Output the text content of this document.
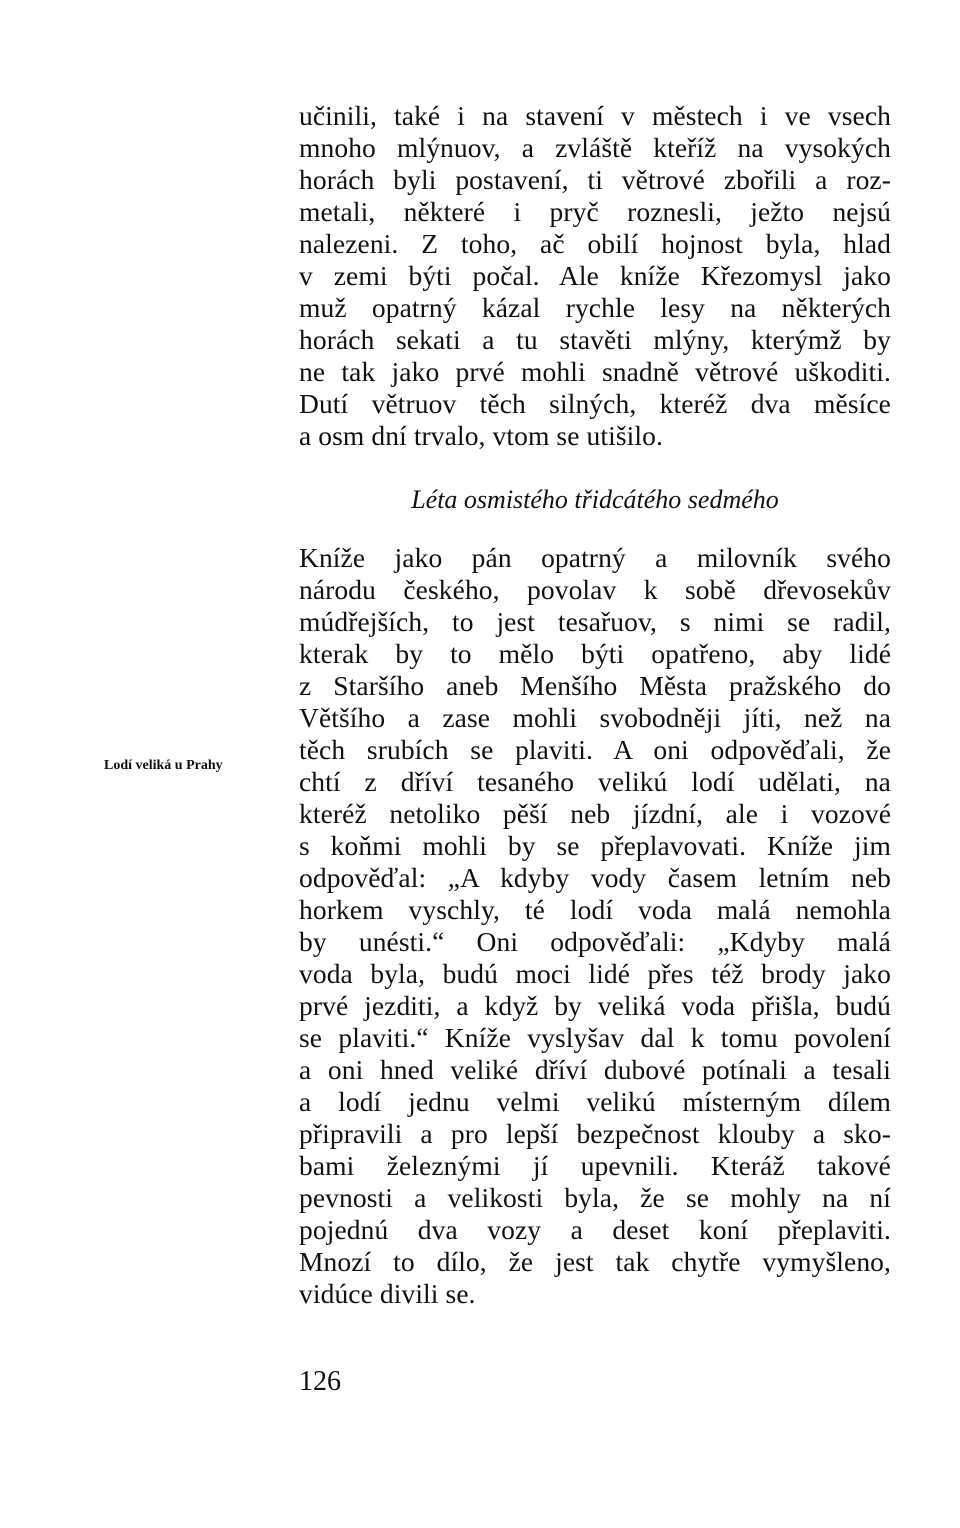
učinili, také i na stavení v městech i ve vsech
mnoho mlýnuov, a zvláště kteříž na vysokých
horách byli postavení, ti větrové zbořili a roz-
metali, některé i pryč roznesli, ježto nejsú
nalezeni. Z toho, ač obilí hojnost byla, hlad
v zemi býti počal. Ale kníže Křezomysl jako
muž opatrný kázal rychle lesy na některých
horách sekati a tu stavěti mlýny, kterýmž by
ne tak jako prvé mohli snadně větrové uškoditi.
Dutí větruov těch silných, kteréž dva měsíce
a osm dní trvalo, vtom se utišilo.
Léta osmistého třidcátého sedmého
Lodí veliká u Prahy
Kníže jako pán opatrný a milovník svého
národu českého, povolav k sobě dřevosekův
múdřejších, to jest tesařuov, s nimi se radil,
kterak by to mělo býti opatřeno, aby lidé
z Staršího aneb Menšího Města pražského do
Většího a zase mohli svobodněji jíti, než na
těch srubích se plaviti. A oni odpověďali, že
chtí z dříví tesaného velikú lodí udělati, na
kteréž netoliko pěší neb jízdní, ale i vozové
s koňmi mohli by se přeplavovati. Kníže jim
odpověďal: „A kdyby vody časem letním neb
horkem vyschly, té lodí voda malá nemohla
by unésti.“ Oni odpověďali: „Kdyby malá
voda byla, budú moci lidé přes též brody jako
prvé jezditi, a když by veliká voda přišla, budú
se plaviti.“ Kníže vyslyšav dal k tomu povolení
a oni hned veliké dříví dubové potínali a tesali
a lodí jednu velmi velikú místerným dílem
připravili a pro lepší bezpečnost klouby a sko-
bami železnými jí upevnili. Kteráž takové
pevnosti a velikosti byla, že se mohly na ní
pojednú dva vozy a deset koní přeplaviti.
Mnozí to dílo, že jest tak chytře vymyšleno,
vidúce divili se.
126
